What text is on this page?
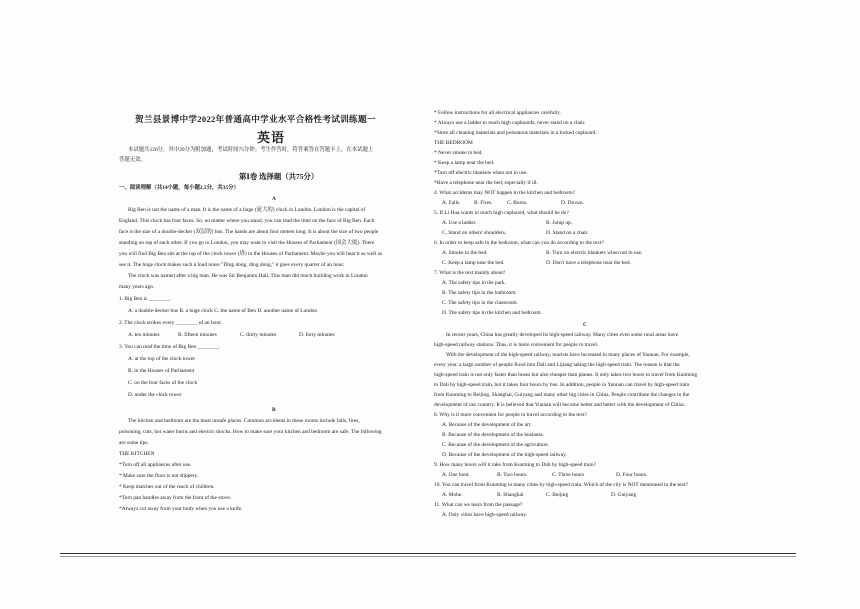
贺兰县景博中学2022年普通高中学业水平合格性考试训练题一
英语
本试题共120分，其中20分为附加题，考试时间75分钟。考生作答时，将答案答在答题卡上，在本试题上
答题无效。
第Ⅰ卷 选择题（共75分）
一、阅读理解（共14小题，每小题2.5分，共35分）
A
Big Ben is not the name of a man. It is the name of a huge (庞大的) clock in London. London is the capital of
England. This clock has four faces. So, no matter where you stand, you can read the time on the face of Big Ben. Each
face is the size of a double-decker (双层的) bus. The hands are about four meters long. It is about the size of two people
standing on top of each other. If you go to London, you may want to visit the Houses of Parliament (国会大厦). There
you will find Big Ben sits at the top of the clock tower (塔) in the Houses of Parliament. Maybe you will hear it as well as
see it. The huge clock makes such a loud noise "Ding dong, ding dong," it goes every quarter of an hour.
The clock was named after a big man. He was Sir Benjamin Hall. This man did much building work in London
many years ago.
1. Big Ben is ________.
A. a double-decker bus B. a huge clock C. the name of Ben D. another name of London
2. The clock strikes every ________ of an hour.
A. ten minutes	B. fifteen minutes	C. thirty minutes	D. forty minutes
3. You can read the time of Big Ben ________.
A. at the top of the clock tower
B. in the Houses of Parliament
C. on the four faces of the clock
D. under the clock tower
B
The kitchen and bedroom are the most unsafe places. Common accidents in these rooms include falls, fires,
poisoning, cuts, hot water burns and electric shocks. How to make sure your kitchen and bedroom are safe. The following
are some tips.
THE KITCHEN
*Turn off all appliances after use.
* Make sure the floor is not slippery.
* Keep matches out of the reach of children.
*Turn pan handles away from the front of the stove.
*Always cut away from your body when you use a knife.
* Follow instructions for all electrical appliances carefully.
* Always use a ladder to reach high cupboards; never stand on a chair.
*Store all cleaning materials and poisonous materials in a locked cupboard.
THE BEDROOM
* Never smoke in bed.
* Keep a lamp near the bed.
*Turn off electric blankets when not in use.
*Have a telephone near the bed, especially if ill.
4. What accidents may NOT happen in the kitchen and bedroom?
A. Falls.	B. Fires.	C. Burns.	D. Drown.
5. If Li Hua wants to reach high cupboard, what should he do?
A. Use a ladder.	B. Jump up.
C. Stand on others' shoulders.	D. Stand on a chair.
6. In order to keep safe in the bedroom, what can you do according to the text?
A. Smoke in the bed.	B. Turn on electric blankets when not in use.
C. Keep a lamp near the bed.	D. Don't have a telephone near the bed.
7. What is the text mainly about?
A. The safety tips in the park.
B. The safety tips in the bathroom.
C. The safety tips in the classroom.
D. The safety tips in the kitchen and bedroom.
C
In recent years, China has greatly developed its high-speed railway. Many cities even some rural areas have
high-speed railway stations. Thus, it is more convenient for people to travel.
With the development of the high-speed railway, tourists have increased in many places of Yunnan. For example,
every year, a large number of people flood into Dali and Lijiang taking the high-speed train. The reason is that the
high-speed train is not only faster than buses but also cheaper than planes. It only takes two hours to travel from Kunming
to Dali by high-speed train, but it takes four hours by bus. In addition, people in Yunnan can travel by high-speed train
from Kunming to Beijing, Shanghai, Guiyang and many other big cities in China. People contribute the changes to the
development of our country. It is believed that Yunnan will become better and better with the development of China.
8. Why is it more convenient for people to travel according to the text?
A. Because of the development of the art.
B. Because of the development of the business.
C. Because of the development of the agriculture.
D. Because of the development of the high-speed railway.
9. How many hours will it take from Kunming to Dali by high-speed train?
A. One hour.	B. Two hours.	C. Three hours	D. Four hours.
10. You can travel from Kunming to many cities by high-speed train. Which of the city is NOT mentioned in the text?
A. Mohe.	B. Shanghai	C. Beijing	D. Guiyang
11. What can we learn from the passage?
A. Only cities have high-speed railway.
